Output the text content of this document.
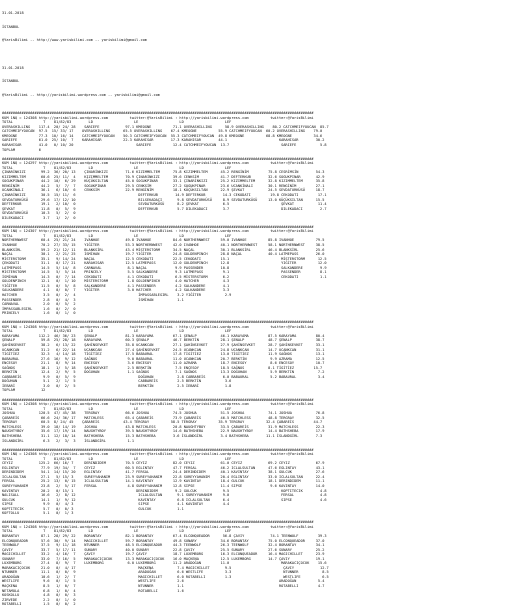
31.01.2018

İSTANBUL

@YarisBilimi -- http://www.yarisbilimi.com -- yarisbilimi@gmail.com

31.01.2018

İSTANBUL

@YarisBilimi -- http://yarisbilimi.wordpress.com -- yarisbilimi@gmail.com

################################################################################################################################################
KUM 1NQ = 124308 http://yarisbilimi.wordpress.com          twitter:@YarisBilimi : http://yarisbilimi.wordpress.com          twitter:@YarisBilimi
TOTAL              T    81/82/83        LD                   LE                   LD                   LEF
OVERASHILLING    117.4  20/ 24/ 28    SARIEFE            97.1 KMEOGNE          71.1 OVERASHILLING      58.9 OVERASHILLING    80.2 CATCHMEIFYOUCAN  85.7
CATCHMEIFYOUCAN  97.5  15/ 33/ 17    OVERASHILLING      65.5 OVERASHILLING    67.4 KMEOGNE          55.9 CATCHMEIFYOUCAN  60.2 OVERASHILLING    79.0
KMEOGNE          77.3  10/ 16/ 14    CATCHMEIFYOUCAN    50.3 CATCHMEIFYOUCAN  55.3 CATCHMEIFYOUCAN  49.8 KMEOGNE          68.8 KMEOGNE          34.6
SARIEFE          61.0  25/ 10/  7    KARAHISAR          22.3 KARAHISAR        17.3 KARAHISAR        44.1                        KARAHISAR        30.2
KARAHISAR        41.0   0/ 10/ 20                             SARIEFE          12.4 CATCHMEIFYOUCAN  13.7                        SARIEFE           5.8
TOPLAM           6
################################################################################################################################################
KUM 1NQ = 124297 http://yarisbilimi.wordpress.com          twitter:@YarisBilimi : http://yarisbilimi.wordpress.com          twitter:@YarisBilimi
TOTAL              T    81/82/83        LD                   LE                   LD                   LEF
ÇINARİNKIZI       99.2  36/ 20/ 13    ÇINARİNKIZI        71.6 KIZIMMELTEM      75.8 KIZIMMELTEM      45.2 RENGİNİM         75.8 CESRİMSİN        54.3
KIZIMMELTEM       60.6  25/ 11/  4    KIZIMMELTEM        70.9 ÇINARİNKIZI      39.6 CENKSİM          41.7 DEFTERKUB        32.6 SOGUKPINAR       42.9
SOGUKPINAR        44.2  10/  6/ 29    KÜÇÜKSILTAN        45.0 SOGUKPINAR       33.1 ÇINARİNKIZI      25.2 KIZIMMELTEM      32.8 KIZIMMELTEM      35.8
RENGİNİM          44.2   5/  7/  7    SOGUKPINAR         29.5 CENKSİM          27.2 SOGUKPINAR       23.6 UCANKİNALI       30.1 RENGİNİM         27.1
UCANKİNALI        36.1   6/ 10/  6    CENKSİM            22.9 RENGİNİM         18.1 KÜÇÜKSILTAN      22.9 ŞEVKAT           24.5 SEVDATURKÜSÜ     18.7
ÇINARİNKIZI       30.5  15/ 11/  6                             DEFTERKUB        14.9 DEFTERKUB        14.3 CEKODATI         19.8 CEKODATI         17.1
SEVDATURKÜSÜ      29.6  17/ 12/ 10                             BILSEKADAÇI       9.8 SEVDATURKÜSÜ     8.9 SEVDATURKÜSÜ     13.0 KÜÇÜKSILTAN      15.5
DEFTERKUB         19.1   2/ 10/  0                             SEVDATURKÜSÜ      8.2 ŞEVKAT           6.5                        ŞEVKAT           11.4
ŞEVKAT            11.8   0/  5/  9                             DEFTERKUB         5.7 DILEKADACI       3.7                        DILEKADACI        2.7
SEVDATURKÜSÜ      10.3   5/  2/  0
DILEKADACI         3.7   1/  2/  0
################################################################################################################################################
KUM 1NQ = 124307 http://yarisbilimi.wordpress.com          twitter:@YarisBilimi : http://yarisbilimi.wordpress.com          twitter:@YarisBilimi
TOTAL              T    81/82/83        LD                   LE                   LD                   LEF
NORTHERNWEST      60.4  25/ 21/ 24    IVANHOE            49.8 IVANHOE          84.6 NORTHERNWEST     59.0 IVANHOE          85.8 IVANHOE          79.5
IVANHOE           70.2  27/ 33/ 15    YIĞİTER            53.3 NORTHERNWEST     42.0 IVANHOE          40.1 NORTHERNWEST     58.1 NORTHERNWEST     38.5
BLANKSİRL         59.2  21/ 12/ 11    BLANKSİRL          43.4 MİSTERSTORM      34.5 NAÇAL            30.1 BLANKSİRL        46.4 BLANKSİRL        25.6
NAÇAL             30.1   2/ 21/ 25    İSMİHAN            19.7 YIĞİTER          24.8 GOLDENPINCH      28.8 NAÇAL            40.4 LATMEPASS        26.0
MİSTERSTORM       35.1   9/ 14/ 24    NAÇAL              12.5 CEKODATI         22.5 CEKODATI         15.1                        MİSTERSTORM      12.5
ÇEKODATI          31.1   0/ 17/ 21    KARAHISAR          12.5 LATMEPASS        12.0 GOLDENPINCH      12.8                        YIĞİTER          12.0
LATMEPASS         14.5   5/ 14/  8    CARNAVAL            8.1 NAÇAL             9.9 PASSENDER        10.8                        SALKANDERE        9.9
MİSTERSTORM       14.5   5/  5/ 14    PRINCELY            5.5 SALKANDERE        9.3 LATMEPASS         9.1                        PASSENDER         8.1
İSMİHAN           14.3   0/  7/ 14    CEKODATI            4.1 CEKODATI          6.5 MİSTERSTORM       6.2                        CEKODATI          1.1
GOLDENPINCH       12.1   0/  1/ 10    MİSTERSTORM         1.8 GOLDENPINCH       4.0 HATCHER           4.3
YIĞİTER           11.5   0/  5/  8    SALKANDERE          4.1 PASSENDER         4.2 SALKANDERE        4.1
SALKANDERE         4.1   0/  0/  7    YIĞİTER             3.0 HATCHER           4.2 SALKANDERE        3.3
HATCHER            3.5   0/  2/  4                             İMPASSABLEGIRL    3.2 YIĞİTER           2.9
PASSENDER          2.8   0/  4/  3                             İSMİHAN           1.1
CARNAVAL           2.0   0/  5/  2
İMPASSABLEGIRL     1.6   0/  2/  0
PRINCELY           1.6   0/  1/  0
################################################################################################################################################
KUM 1NQ = 124308 http://yarisbilimi.wordpress.com          twitter:@YarisBilimi : http://yarisbilimi.wordpress.com          twitter:@YarisBilimi
TOTAL              T    81/82/83        LD                   LE                   LD                   LEF
KARAYAMA         112.2  46/ 36/ 23    ŞENALP             81.3 KARAYAMA         67.1 ŞENALP           46.1 KARAYAMA         87.5 KARAYAMA         80.4
ŞENALP            59.8  25/ 28/ 18    KARAYAMA           60.3 ŞENALP           46.7 BERKTİN          28.1 ŞENALP           48.7 ŞENALP           38.7
ŞAHİNSEVKET       38.2   6/ 13/ 22    ŞAHİNSEVKET        35.8 UCANKCAN         27.1 ŞAHİNSEVKET      27.9 ŞAHİNSEVKET      28.7 ŞAHİNSEVKET      33.1
UCANKCAN          31.2   6/ 22/ 14    UCANKCAN           27.4 ŞAHİNSEVKET      24.5 UCANKCAN         24.8 UCANKCAN         14.7 UCANKCAN         31.1
TİGİTİEZ          32.3   4/ 14/ 18    TİGİTİEZ           17.5 BABAURAL         17.8 TİGİTİEZ         13.0 TİGİTİEZ         11.9 SAĞNOS           13.1
BABAURAL          27.6  16/  9/ 12    SAĞNOS              9.0 BABAURAL         11.0 UCANKCAN         20.7 BERKTİN           9.9 AZRAMA           12.5
ENCESOY           21.1   8/  9/ 14    ENCESOY             3.6 ENCESOY          11.0 AZRAMA           18.7 ENCESOY           8.6 ENCESOY          10.7
SAĞNOS            18.1   1/  5/ 18    ŞAHİNSEVKET         2.5 BERKTİN           7.5 ENCESOY          18.5 SAĞNOS           8.1 TİGİTİEZ         15.7
BERKTİN           12.4   2/  9/  5    DOĞUHAN             1.1 SAĞNOS            7.1 SAĞNOS           13.3 DOĞUHAN           5.9 BERKTİN           7.2
CABBAREİS          9.9   0/  5/  9                             DOĞUHAN           2.8 CABBAREİS        6.0 BABAURAL          5.2 BABAURAL          3.4
DOĞUHAN            5.1   2/  1/  5                             CABBAREİS         2.5 BERKTİN           3.6
İEBARİ             3.0   0/  2/  5                             BERKTİN           2.5 İEBARİ            1.8
TOPLAM            12
################################################################################################################################################
KUM 1NQ = 124308 http://yarisbilimi.wordpress.com          twitter:@YarisBilimi : http://yarisbilimi.wordpress.com          twitter:@YarisBilimi
TOTAL              T    81/82/83        LD                   LE                   LD                   LEF
JOSHUA           120.5  47/ 45/ 38    TERGRAY            66.6 JOSHUA           74.5 JOSHUA           51.5 JOSHUA           74.1 JOSHUA           76.8
ÇABAREİS          66.6  24/ 36/ 17    MATCHLESS          65.4 ÇABAREİS         73.9 ÇABAREİS         46.5 MATCHLESS        48.8 TERGRAY          32.5
TERGRAY           60.5  8/ 24/ 45    ÇABAREİS           43.4 TERGRAY          58.5 TERGRAY          35.9 TERGRAY          32.4 ÇABAREİS         44.7
MATCHLESS         39.0  18/ 14/ 19    JOSHUA             43.8 MATCHLESS        20.8 NAUGHTYBOY       33.5 ÇABAREİS         31.9 MATCHLESS        22.3
NAUGHTYBOY        35.6  17/ 19/ 14    NAUGHTYBOY         39.5 NAUGHTYBOY       14.6 BATHSHEBA        22.9 NAUGHTYBOY       14.4 BATHSHEBA        17.9
BATHSHEBA         31.1  12/ 18/ 14    BATHSHEBA          15.3 BATHSHEBA        3.6 İSLANDGİRL        3.4 BATHSHEBA        11.1 İSLANDGİRL        7.3
İSLANDGİRL         6.3   2/  3/  3    İSLANDGİRL          1.1
################################################################################################################################################
KUM 1NQ = 124308 http://yarisbilimi.wordpress.com          twitter:@YarisBilimi : http://yarisbilimi.wordpress.com          twitter:@YarisBilimi
TOTAL              T    81/82/83        LD                   LE                   LD                   LEF
CEYIZ            125.2  66/ 16/ 7     DERINDIDEM         70.5 CEYIZ            82.0 CEYIZ            61.0 CEYIZ            69.2 CEYIZ            67.9
EGLINTAY          77.9  19/ 34/  7    CEYIZ              60.5 EGLINTAY         47.7 FERSAL           46.2 ICLALSULTAN      47.6 EGLINTAY         43.1
DERINDIDEM        54.1  14/ 15/ 20    EGLINTAY           41.7 FERSAL           24.4 DERINDIDEM       40.1 KAVINTAY         38.1 GULCUK           27.6
ICLALSULTAN       27.1   5/ 15/ 3     SUREYYAHANIM       23.9 SUREYYAHANIM     22.8 SUREYYAHANIM     20.4 EGLINTAY         33.0 ICLALSULTAN      22.4
FERSAL            25.2  13/  0/ 15    ICLALSULTAN        14.1 KAVINTAY         12.9 KAVINTAY         18.4 GULCUK           18.1 DERINDIDEM       11.1
SUREYYAHANIM      23.8   2/  5/ 17    FERSAL              4.8 SUREYYAHANIM     12.8 SIPSE            11.4 SIPSE             9.6 KAVINTAY         14.0
KAVINTAY          20.2   0/ 15/ 1                             DERINDIDEM        9.2 GULCUK            9.5                        KOPTITECIK        4.8
NALISALL          16.6   2/  8/ 12                             ICLALSULTAN       9.1 SUREYYAHANIM     9.0                        FERSAL            4.8
GULCUK            14.1   1/  9/ 12                             KAVINTAY          6.8 ICLALSULTAN      6.4                        SIPSE             4.6
SIPSE              9.9   0/  4/ 3                              SIPSE             4.1 KAVINTAY         4.4
KOPTITECIK         5.7   0/  0/ 3                              GULCUK            1.1
KOFTOLLU           5.1   0/  1/ 3
################################################################################################################################################
KUM 1NQ = 124308 http://yarisbilimi.wordpress.com          twitter:@YarisBilimi : http://yarisbilimi.wordpress.com          twitter:@YarisBilimi
TOTAL              T    81/82/83        LD                   LE                   LD                   LEF
BORANTAY          87.1  28/ 29/ 22    BORANTAY           82.1 BORANTAY         67.4 ELCONQUEADOR      56.8 ÇAVIY            74.1 TEENWOLF         39.3
ELCONQUEADOR      57.6  30/  9/ 14    MAGICHILLET        59.7 BORANTAY         49.8 SUNARY           34.6 BORANTAY         75.0 ELCONQUEADOR     37.0
TEENWOLF          37.5   9/ 11/ 18    NTUNNER            48.5 ELCONQUEADOR     44.3 TEENWOLF         26.3 TEENWOLF         32.4 BORANTAY         34.1
ÇAVIY             33.7   5/ 17/ 11    SUNARY             40.0 SUNARY           22.8 ÇAVIY            25.5 SUNARY           27.6 SUNARY           25.2
MAGICHILLET       33.2   4/ 16/  7    ÇAVIY              19.7 ÇAVIY            18.7 LUXEMBORG        16.3 ELCONQUEADOR     16.4 MAGICHILLET      23.9
SUNARY            33.0   7/ 16/  5    MARAKACIÇOCUK      13.3 MARAKACIÇOCUK    16.0 MAÇKENA          12.5 LUXEMBORG        14.7 ÇAVIY            19.1
LUXEMBORG         27.4   8/  9/  7    LUXEMBORG           6.0 LUXEMBORG        11.2 ARADOĞAN         11.0                        MARAKACIÇOCUK    15.6
MARAKACIÇOCUK     21.0   0/  4/ 17                             MAÇKENA           7.4 MAGICHILLET       9.5                        ÇAVIY            12.7
NTUNNER           11.1   0/  0/  9                             ARADOĞAN          6.6 WESTLIFE          3.3                        NTUNNER           8.5
ARADOĞAN          10.6   1/  2/  7                             MAGICHILLET       6.0 ROTABELLI         1.3                        WESTLIFE          6.5
WESTLIFE           9.6   0/  1/  5                             WESTLIFE          2.6                                            ARADOĞAN          5.4
MAÇKENA            8.5   1/  0/  7                             NTUNNER           1.1                                            ROTABELLI         4.7
NETAMOLA           6.8   1/  0/  4                             ROTABELLI         1.6
KOSKOLLU           4.8   0/  0/  3
ZIRVEDE            2.2   0/  1/  0
ROTABELLI          1.5   0/  0/  2
